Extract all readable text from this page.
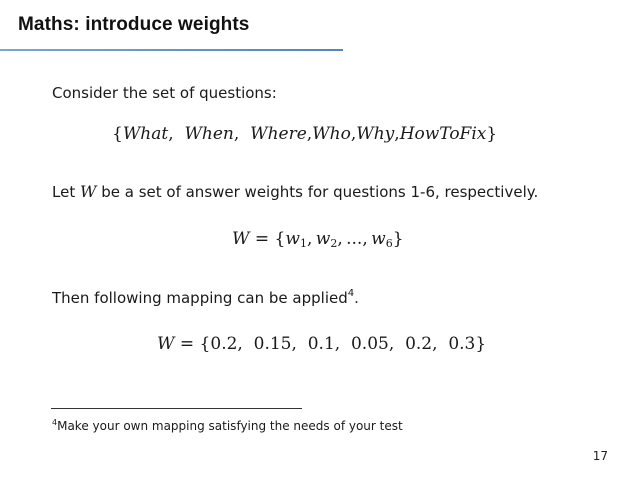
Maths: introduce weights
Consider the set of questions:
{What,  When,  Where,Who,Why,HowToFix}
Let W be a set of answer weights for questions 1-6, respectively.
$W = \{w_1$, $w_2$, ..., $w_6$}
Then following mapping can be applied$^4$.
W = {0.2,  0.15,  0.1,  0.05,  0.2,  0.3}
$^4$Make your own mapping satisfying the needs of your test
17
